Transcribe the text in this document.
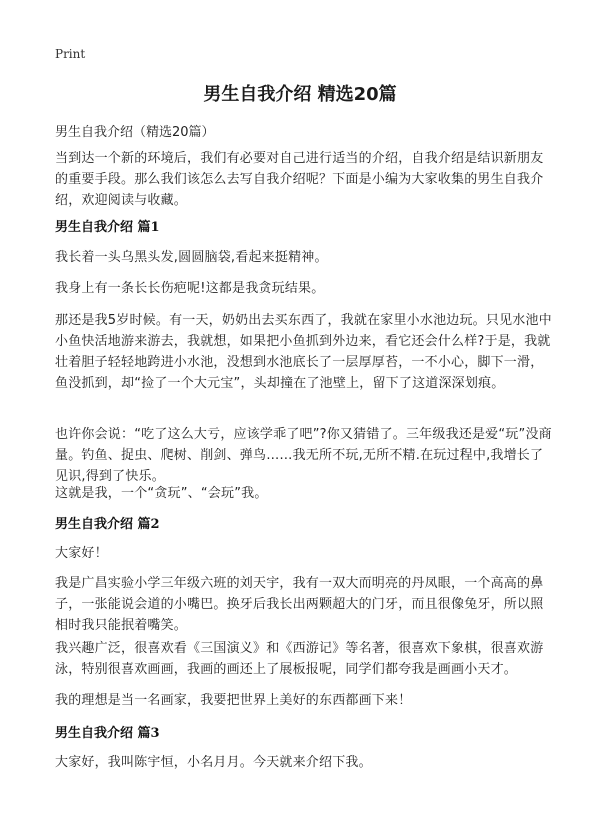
Print
男生自我介绍 精选20篇
男生自我介绍（精选20篇）
当到达一个新的环境后，我们有必要对自己进行适当的介绍，自我介绍是结识新朋友的重要手段。那么我们该怎么去写自我介绍呢？下面是小编为大家收集的男生自我介绍，欢迎阅读与收藏。
男生自我介绍 篇1
我长着一头乌黑头发,圆圆脑袋,看起来挺精神。
我身上有一条长长伤疤呢!这都是我贪玩结果。
那还是我5岁时候。有一天，奶奶出去买东西了，我就在家里小水池边玩。只见水池中小鱼快活地游来游去，我就想，如果把小鱼抓到外边来，看它还会什么样?于是，我就壮着胆子轻轻地跨进小水池，没想到水池底长了一层厚厚苔，一不小心，脚下一滑，鱼没抓到，却“捡了一个大元宝”，头却撞在了池壁上，留下了这道深深划痕。
也许你会说：“吃了这么大亏，应该学乖了吧”?你又猜错了。三年级我还是爱“玩”没商量。钓鱼、捉虫、爬树、削剑、弹鸟……我无所不玩,无所不精.在玩过程中,我增长了见识,得到了快乐。
这就是我，一个“贪玩”、“会玩”我。
男生自我介绍 篇2
大家好！
我是广昌实验小学三年级六班的刘天宇，我有一双大而明亮的丹凤眼，一个高高的鼻子，一张能说会道的小嘴巴。换牙后我长出两颗超大的门牙，而且很像兔牙，所以照相时我只能抿着嘴笑。
我兴趣广泛，很喜欢看《三国演义》和《西游记》等名著，很喜欢下象棋，很喜欢游泳，特别很喜欢画画，我画的画还上了展板报呢，同学们都夸我是画画小天才。
我的理想是当一名画家，我要把世界上美好的东西都画下来！
男生自我介绍 篇3
大家好，我叫陈宇恒，小名月月。今天就来介绍下我。
